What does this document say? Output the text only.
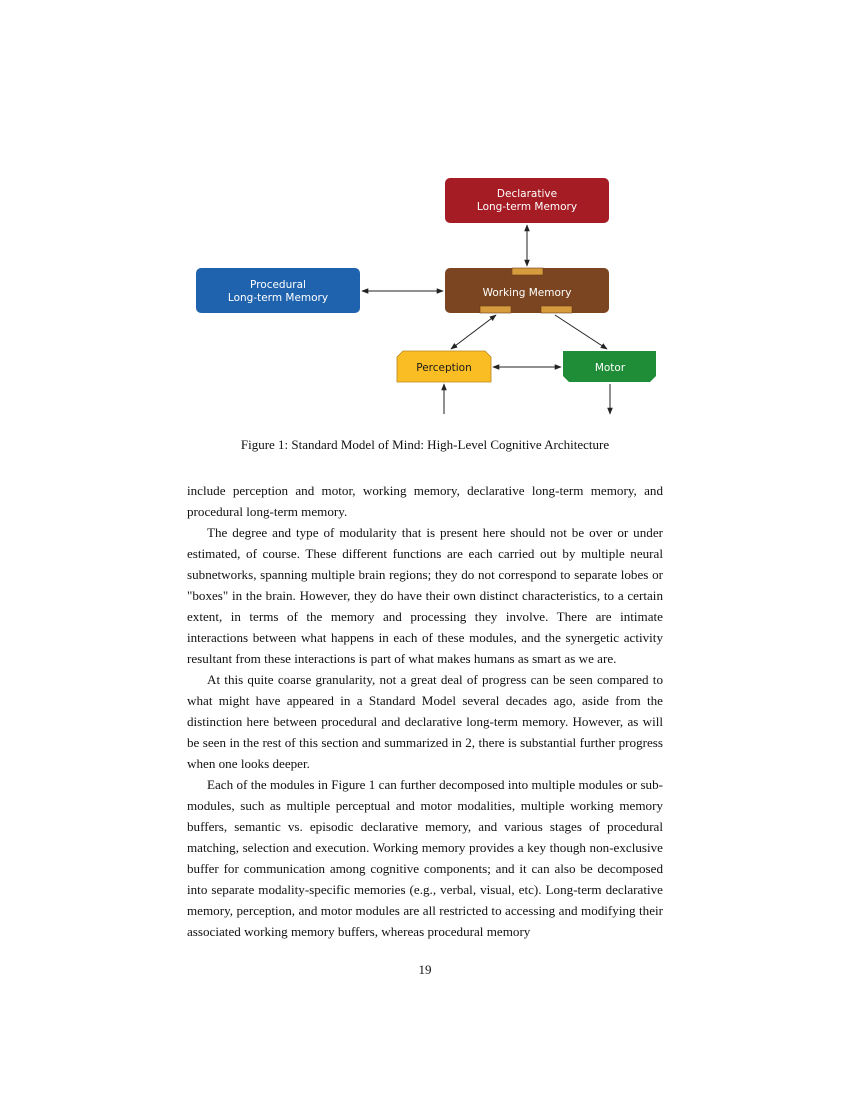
Declarative
Long-term Memory
Procedural
Long-term Memory	Working Memory
Perception	Motor
Figure 1: Standard Model of Mind: High-Level Cognitive Architecture

include perception and motor, working memory, declarative long-term memory, and procedural long-term memory.

The degree and type of modularity that is present here should not be over or under estimated, of course. These different functions are each carried out by multiple neural subnetworks, spanning multiple brain regions; they do not correspond to separate lobes or "boxes" in the brain. However, they do have their own distinct characteristics, to a certain extent, in terms of the memory and processing they involve. There are intimate interactions between what happens in each of these modules, and the synergetic activity resultant from these interactions is part of what makes humans as smart as we are.

At this quite coarse granularity, not a great deal of progress can be seen compared to what might have appeared in a Standard Model several decades ago, aside from the distinction here between procedural and declarative long-term memory. However, as will be seen in the rest of this section and summarized in 2, there is substantial further progress when one looks deeper.

Each of the modules in Figure 1 can further decomposed into multiple modules or sub-modules, such as multiple perceptual and motor modalities, multiple working memory buffers, semantic vs. episodic declarative memory, and various stages of procedural matching, selection and execution. Working memory provides a key though non-exclusive buffer for communication among cognitive components; and it can also be decomposed into separate modality-specific memories (e.g., verbal, visual, etc). Long-term declarative memory, perception, and motor modules are all restricted to accessing and modifying their associated working memory buffers, whereas procedural memory

19
